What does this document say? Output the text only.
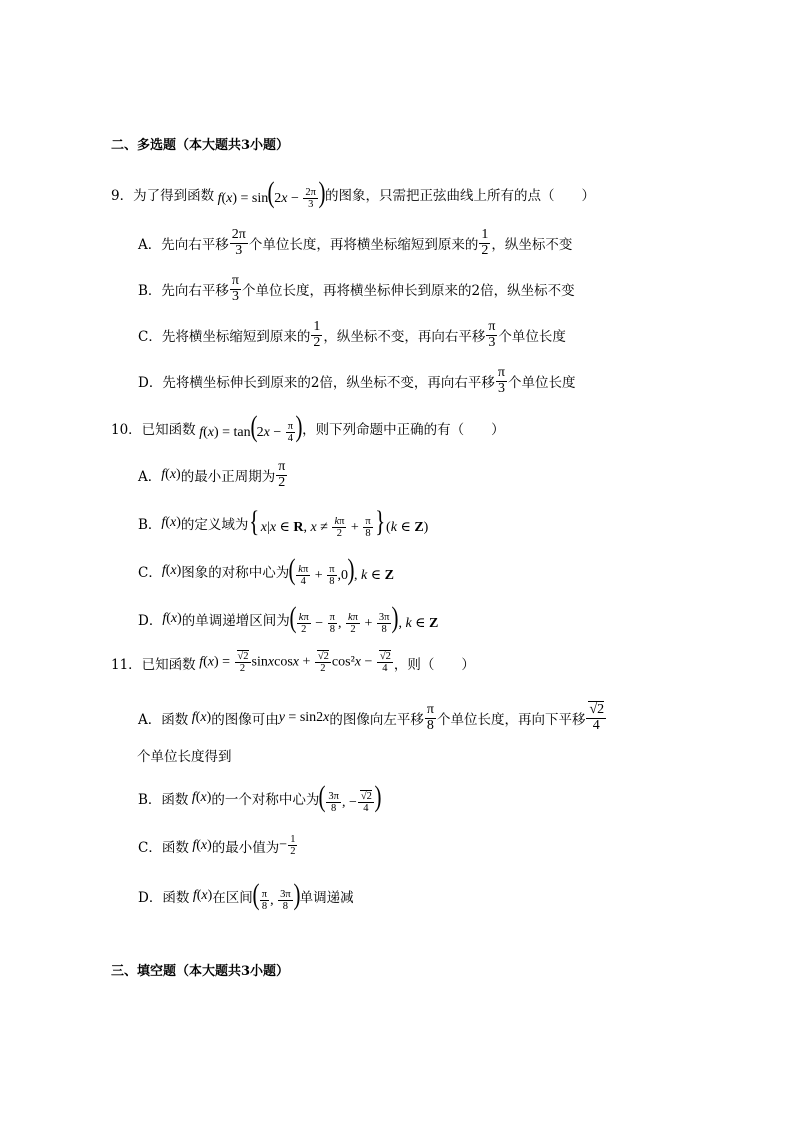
二、多选题（本大题共3小题）
9．为了得到函数 $f(x) = \sin(2x - \frac{2\pi}{3}$ ) 的图象，只需把正弦曲线上所有的点（　　）
A．先向右平移
2π
3 个单位长度，再将横坐标缩短到原来的
1
2 ，纵坐标不变
B．先向右平移
π
3 个单位长度，再将横坐标伸长到原来的2倍，纵坐标不变
C．先将横坐标缩短到原来的
1
2 ，纵坐标不变，再向右平移
π
3 个单位长度
D．先将横坐标伸长到原来的2倍，纵坐标不变，再向右平移
π
3 个单位长度
10．已知函数 $f(x) = \tan(2x - \frac{\pi}{4}$ ) ，则下列命题中正确的有（　　）
A． f(x) 的最小正周期为
π
2
B． f(x) 的定义域为 {x|x ∈ R, $x \ne \frac{k\pi}{2} + \frac{\pi}{8} \}(k$ ∈ Z)
C． f(x) 图象的对称中心为 ( $\frac{k\pi}{4} + \frac{\pi}{8} ,0$), k ∈ Z
D． f(x) 的单调递增区间为 ( $\frac{k\pi}{2} - \frac{\pi}{8}$ , $\frac{k\pi}{2} + \frac{3\pi}{8}$ ), k ∈ Z
11．已知函数 $f(x) = \frac{√2}{2}$ sinxcosx + $\frac{√2}{2} \cos^2x - \frac{√2}{4}$ ，则（　　）
A．函数 f(x) 的图像可由 y = sin2x 的图像向左平移
π
8 个单位长度，再向下平移
√2
4
个单位长度得到
B．函数 f(x) 的一个对称中心为 ( $\frac{3\pi}{8}$ , − $\frac{√2}{4}$ )
C．函数 f(x) 的最小值为 − $\frac{1}{2}$
D．函数 f(x) 在区间 ( $\frac{\pi}{8}$ , $\frac{3\pi}{8}$ ) 单调递减
三、填空题（本大题共3小题）
